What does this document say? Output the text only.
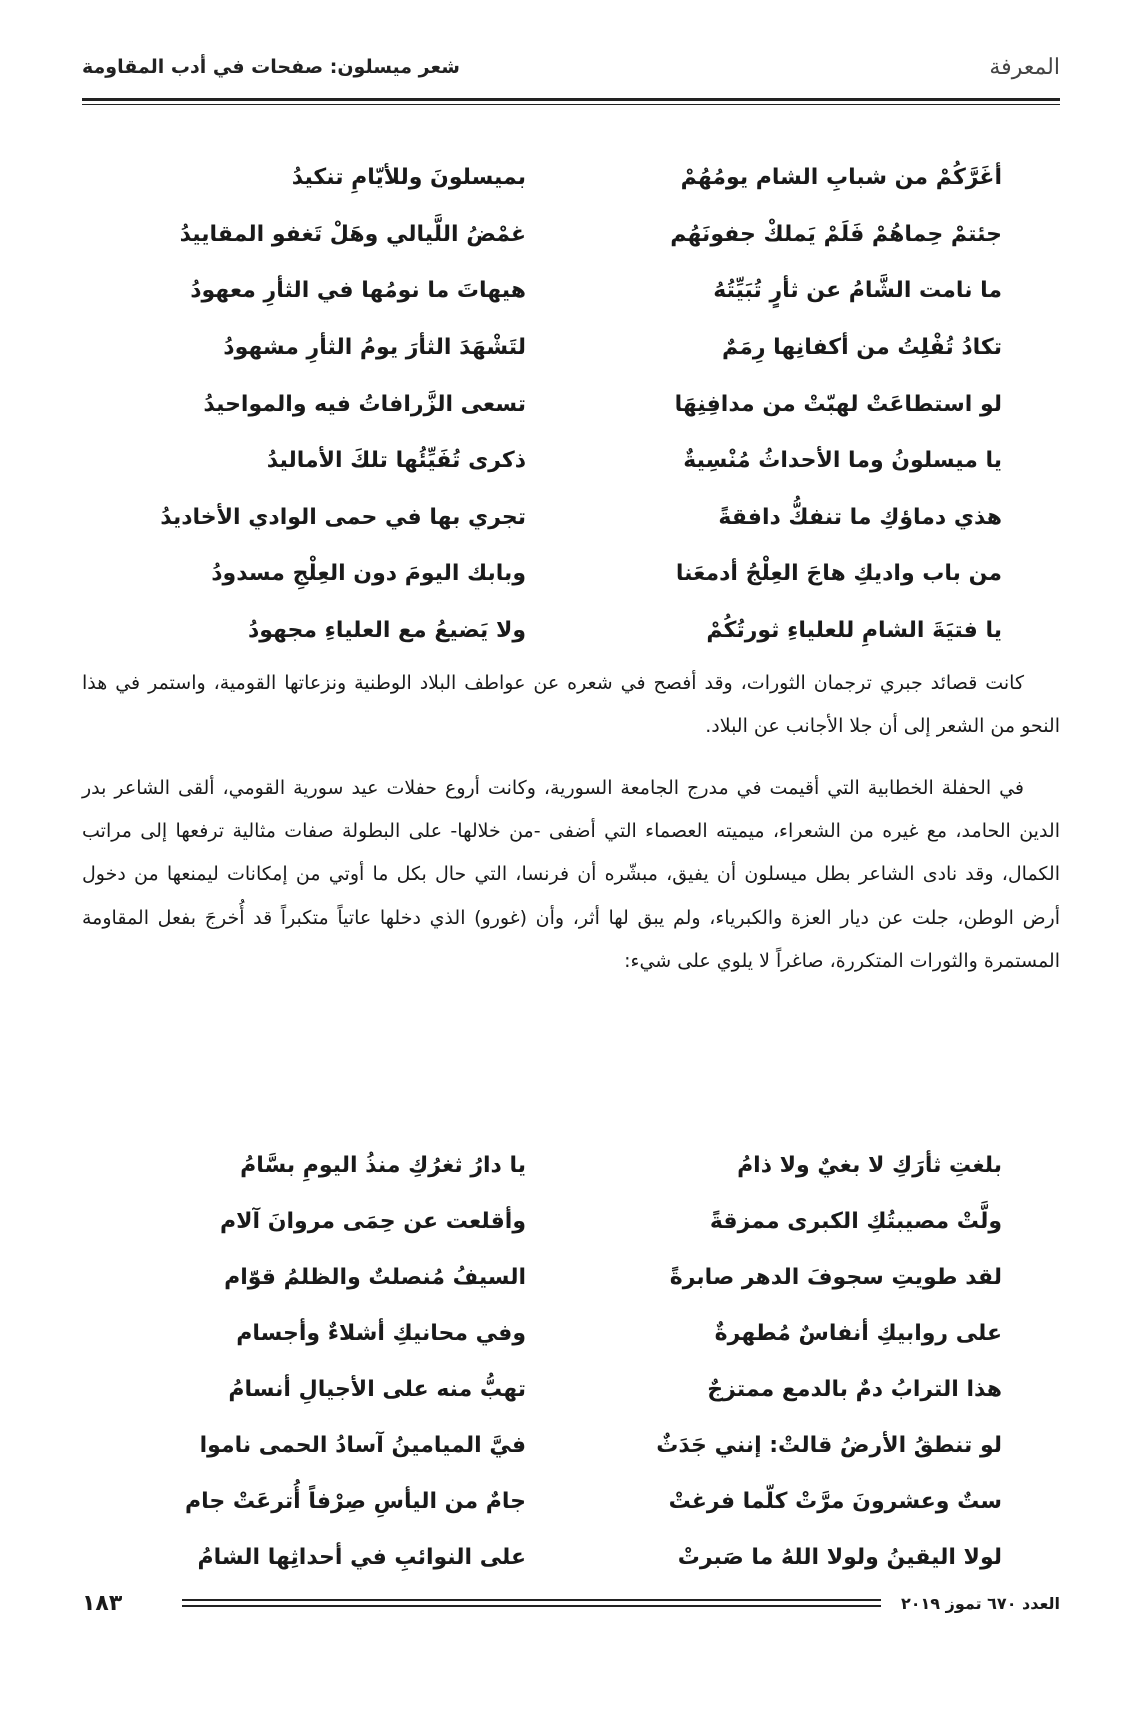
المعرفة
شعر ميسلون: صفحات في أدب المقاومة
أغَرَّكُمْ من شبابِ الشام يومُهُمْ
بميسلونَ وللأيّامِ تنكيدُ
جئتمْ حِماهُمْ فَلَمْ يَملكْ جفونَهُم
غمْضُ اللَّيالي وهَلْ تَغفو المقاييدُ
ما نامت الشَّامُ عن ثأرٍ تُبَيِّتُهُ
هيهاتَ ما نومُها في الثأرِ معهودُ
تكادُ تُفْلِتُ من أكفانِها رِمَمٌ
لتَشْهَدَ الثأرَ يومُ الثأرِ مشهودُ
لو استطاعَتْ لهبّتْ من مدافِنِهَا
تسعى الزَّرافاتُ فيه والمواحيدُ
يا ميسلونُ وما الأحداثُ مُنْسِيةٌ
ذكرى تُفَيِّئُها تلكَ الأماليدُ
هذي دماؤكِ ما تنفكُّ دافقةً
تجري بها في حمى الوادي الأخاديدُ
من باب واديكِ هاجَ العِلْجُ أدمعَنا
وبابك اليومَ دون العِلْجِ مسدودُ
يا فتيَةَ الشامِ للعلياءِ ثورتُكُمْ
ولا يَضيعُ مع العلياءِ مجهودُ

كانت قصائد جبري ترجمان الثورات، وقد أفصح في شعره عن عواطف البلاد الوطنية ونزعاتها القومية، واستمر في هذا النحو من الشعر إلى أن جلا الأجانب عن البلاد.

في الحفلة الخطابية التي أقيمت في مدرج الجامعة السورية، وكانت أروع حفلات عيد سورية القومي، ألقى الشاعر بدر الدين الحامد، مع غيره من الشعراء، ميميته العصماء التي أضفى -من خلالها- على البطولة صفات مثالية ترفعها إلى مراتب الكمال، وقد نادى الشاعر بطل ميسلون أن يفيق، مبشّره أن فرنسا، التي حال بكل ما أوتي من إمكانات ليمنعها من دخول أرض الوطن، جلت عن ديار العزة والكبرياء، ولم يبق لها أثر، وأن (غورو) الذي دخلها عاتياً متكبراً قد أُخرجَ بفعل المقاومة المستمرة والثورات المتكررة، صاغراً لا يلوي على شيء:

بلغتِ ثأرَكِ لا بغيٌ ولا ذامُ
يا دارُ ثغرُكِ منذُ اليومِ بسَّامُ
ولَّتْ مصيبتُكِ الكبرى ممزقةً
وأقلعت عن حِمَى مروانَ آلام
لقد طويتِ سجوفَ الدهر صابرةً
السيفُ مُنصلتٌ والظلمُ قوّام
على روابيكِ أنفاسٌ مُطهرةٌ
وفي محانيكِ أشلاءٌ وأجسام
هذا الترابُ دمٌ بالدمع ممتزجٌ
تهبُّ منه على الأجيالِ أنسامُ
لو تنطقُ الأرضُ قالتْ: إنني جَدَثٌ
فيَّ الميامينُ آسادُ الحمى ناموا
ستٌ وعشرونَ مرَّتْ كلّما فرغتْ
جامٌ من اليأسِ صِرْفاً أُترعَتْ جام
لولا اليقينُ ولولا اللهُ ما صَبرتْ
على النوائبِ في أحداثِها الشامُ
العدد ٦٧٠ تموز ٢٠١٩
١٨٣
